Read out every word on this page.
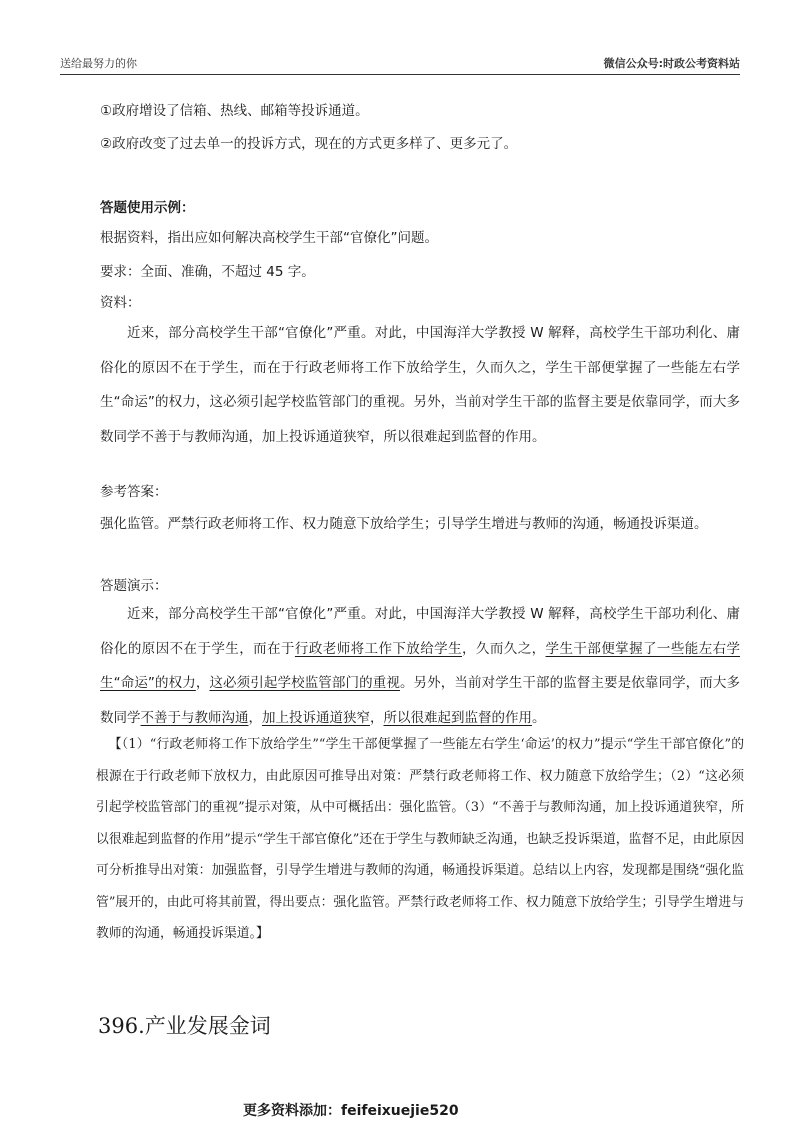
送给最努力的你	微信公众号:时政公考资料站
①政府增设了信箱、热线、邮箱等投诉通道。
②政府改变了过去单一的投诉方式，现在的方式更多样了、更多元了。
答题使用示例：
根据资料，指出应如何解决高校学生干部“官僚化”问题。
要求：全面、准确，不超过 45 字。
资料：

近来，部分高校学生干部“官僚化”严重。对此，中国海洋大学教授 W 解释，高校学生干部功利化、庸俗化的原因不在于学生，而在于行政老师将工作下放给学生，久而久之，学生干部便掌握了一些能左右学生“命运”的权力，这必须引起学校监管部门的重视。另外，当前对学生干部的监督主要是依靠同学，而大多数同学不善于与教师沟通，加上投诉通道狭窄，所以很难起到监督的作用。

参考答案：
强化监管。严禁行政老师将工作、权力随意下放给学生；引导学生增进与教师的沟通，畅通投诉渠道。
答题演示：

近来，部分高校学生干部“官僚化”严重。对此，中国海洋大学教授 W 解释，高校学生干部功利化、庸俗化的原因不在于学生，而在于行政老师将工作下放给学生，久而久之，学生干部便掌握了一些能左右学生“命运”的权力，这必须引起学校监管部门的重视。另外，当前对学生干部的监督主要是依靠同学，而大多数同学不善于与教师沟通，加上投诉通道狭窄，所以很难起到监督的作用。

【（1）“行政老师将工作下放给学生”“学生干部便掌握了一些能左右学生‘命运’的权力”提示“学生干部官僚化”的根源在于行政老师下放权力，由此原因可推导出对策：严禁行政老师将工作、权力随意下放给学生；（2）“这必须引起学校监管部门的重视”提示对策，从中可概括出：强化监管。（3）“不善于与教师沟通，加上投诉通道狭窄，所以很难起到监督的作用”提示“学生干部官僚化”还在于学生与教师缺乏沟通，也缺乏投诉渠道，监督不足，由此原因可分析推导出对策：加强监督，引导学生增进与教师的沟通，畅通投诉渠道。总结以上内容，发现都是围绕“强化监管”展开的，由此可将其前置，得出要点：强化监管。严禁行政老师将工作、权力随意下放给学生；引导学生增进与教师的沟通，畅通投诉渠道。】

396.产业发展金词
更多资料添加：feifeixuejie520
